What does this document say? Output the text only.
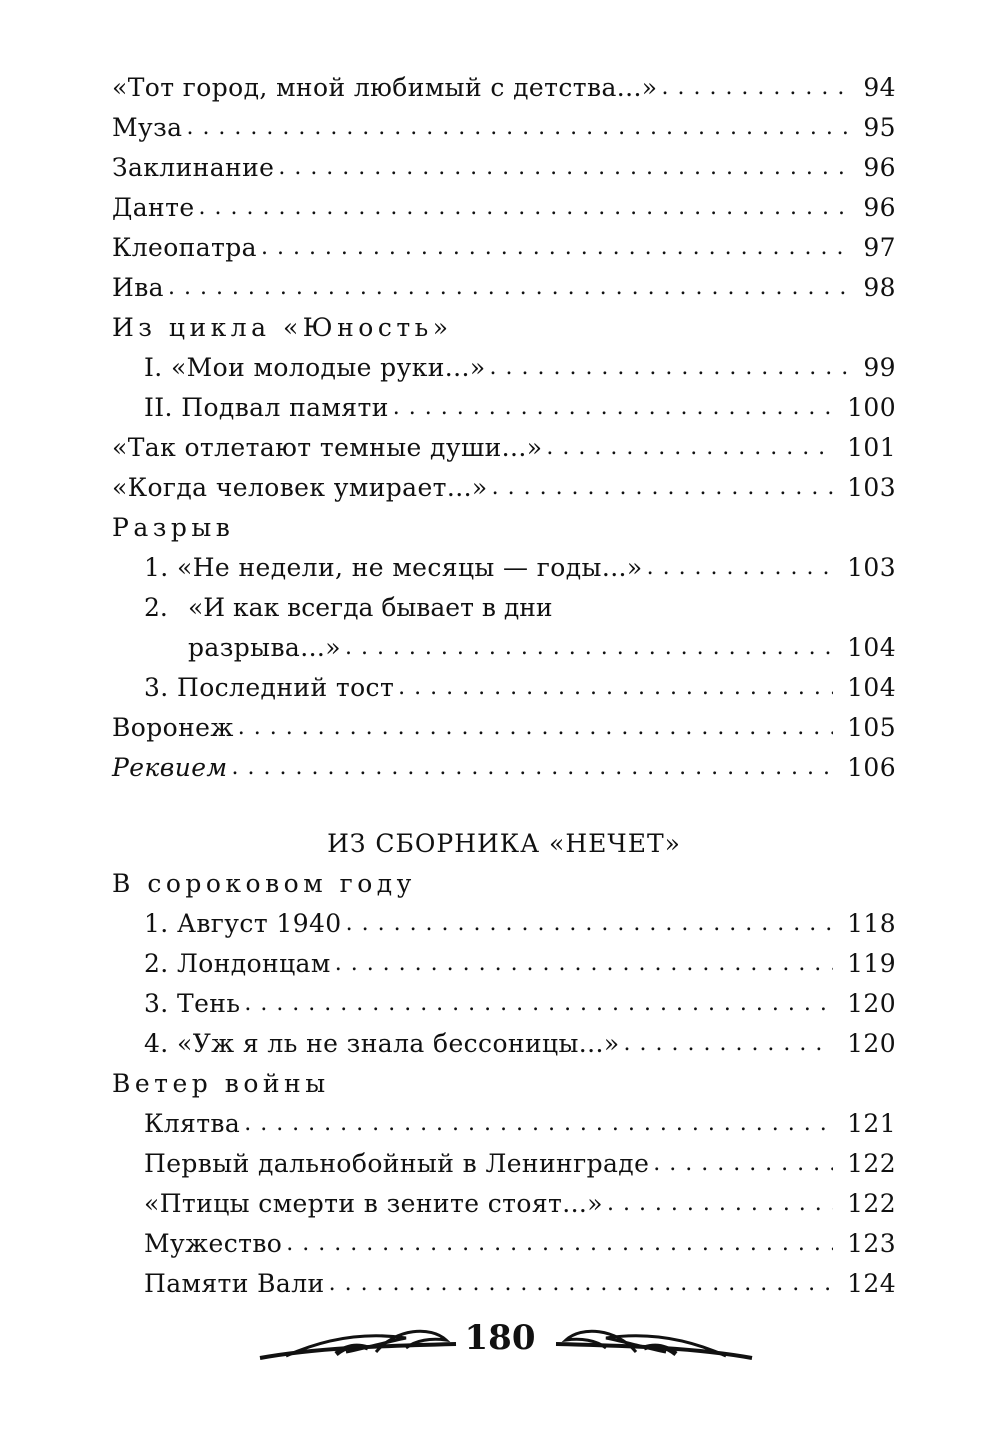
«Тот город, мной любимый с детства...» . . .	94
Муза . . .	95
Заклинание . . .	96
Данте . . .	96
Клеопатра . . .	97
Ива . . .	98
Из цикла «Юность»
I. «Мои молодые руки...» . . .	99
II. Подвал памяти . . .	100
«Так отлетают темные души...» . . .	101
«Когда человек умирает...» . . .	103
Разрыв
1. «Не недели, не месяцы — годы...» . . .	103
2. «И как всегда бывает в дни
разрыва...» . . .	104
3. Последний тост . . .	104
Воронеж . . .	105
Реквием . . .	106
ИЗ СБОРНИКА «НЕЧЕТ»
В сороковом году
1. Август 1940 . . .	118
2. Лондонцам . . .	119
3. Тень . . .	120
4. «Уж я ль не знала бессоницы...» . . .	120
Ветер войны
Клятва . . .	121
Первый дальнобойный в Ленинграде . . .	122
«Птицы смерти в зените стоят...» . . .	122
Мужество . . .	123
Памяти Вали . . .	124
180
